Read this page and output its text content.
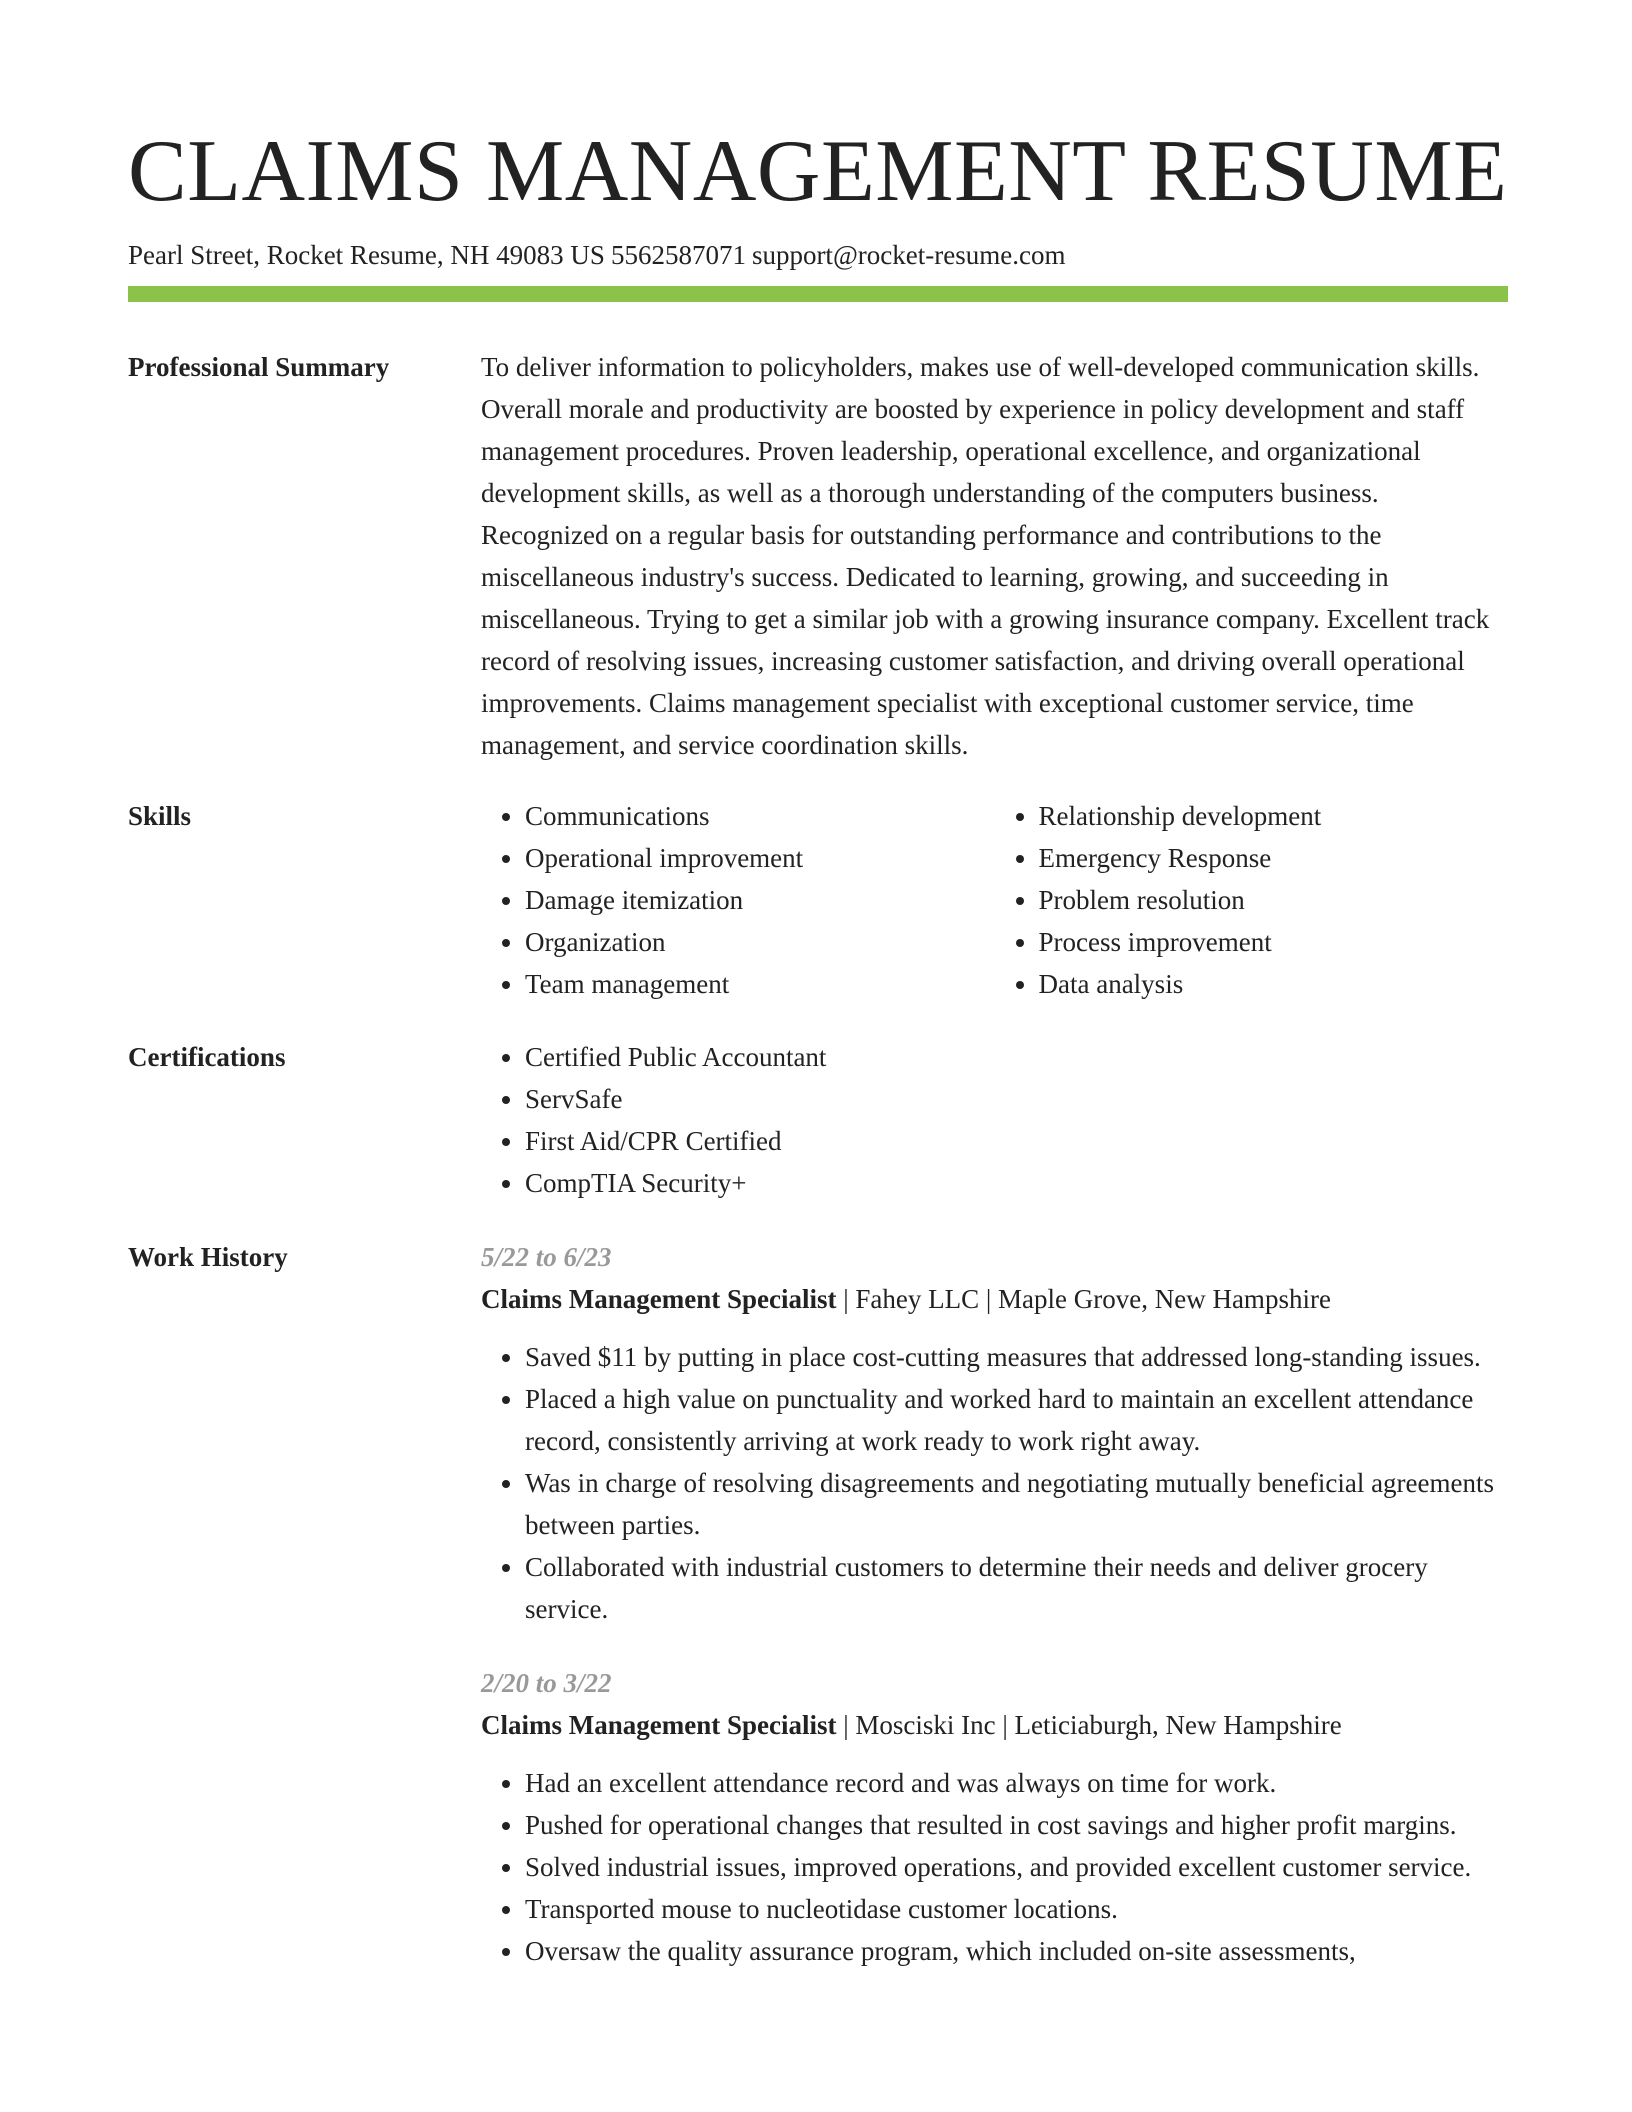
CLAIMS MANAGEMENT RESUME
Pearl Street, Rocket Resume, NH 49083 US 5562587071 support@rocket-resume.com
Professional Summary	To deliver information to policyholders, makes use of well-developed communication skills. Overall morale and productivity are boosted by experience in policy development and staff management procedures. Proven leadership, operational excellence, and organizational development skills, as well as a thorough understanding of the computers business. Recognized on a regular basis for outstanding performance and contributions to the miscellaneous industry's success. Dedicated to learning, growing, and succeeding in miscellaneous. Trying to get a similar job with a growing insurance company. Excellent track record of resolving issues, increasing customer satisfaction, and driving overall operational improvements. Claims management specialist with exceptional customer service, time management, and service coordination skills.

Skills	• Communications
• Operational improvement
• Damage itemization
• Organization
• Team management
• Relationship development
• Emergency Response
• Problem resolution
• Process improvement
• Data analysis
Certifications	• Certified Public Accountant
• ServSafe
• First Aid/CPR Certified
• CompTIA Security+
Work History	5/22 to 6/23
Claims Management Specialist | Fahey LLC | Maple Grove, New Hampshire
• Saved $11 by putting in place cost-cutting measures that addressed long-standing issues.
• Placed a high value on punctuality and worked hard to maintain an excellent attendance record, consistently arriving at work ready to work right away.
• Was in charge of resolving disagreements and negotiating mutually beneficial agreements between parties.
• Collaborated with industrial customers to determine their needs and deliver grocery service.
2/20 to 3/22
Claims Management Specialist | Mosciski Inc | Leticiaburgh, New Hampshire
• Had an excellent attendance record and was always on time for work.
• Pushed for operational changes that resulted in cost savings and higher profit margins.
• Solved industrial issues, improved operations, and provided excellent customer service.
• Transported mouse to nucleotidase customer locations.
• Oversaw the quality assurance program, which included on-site assessments,
